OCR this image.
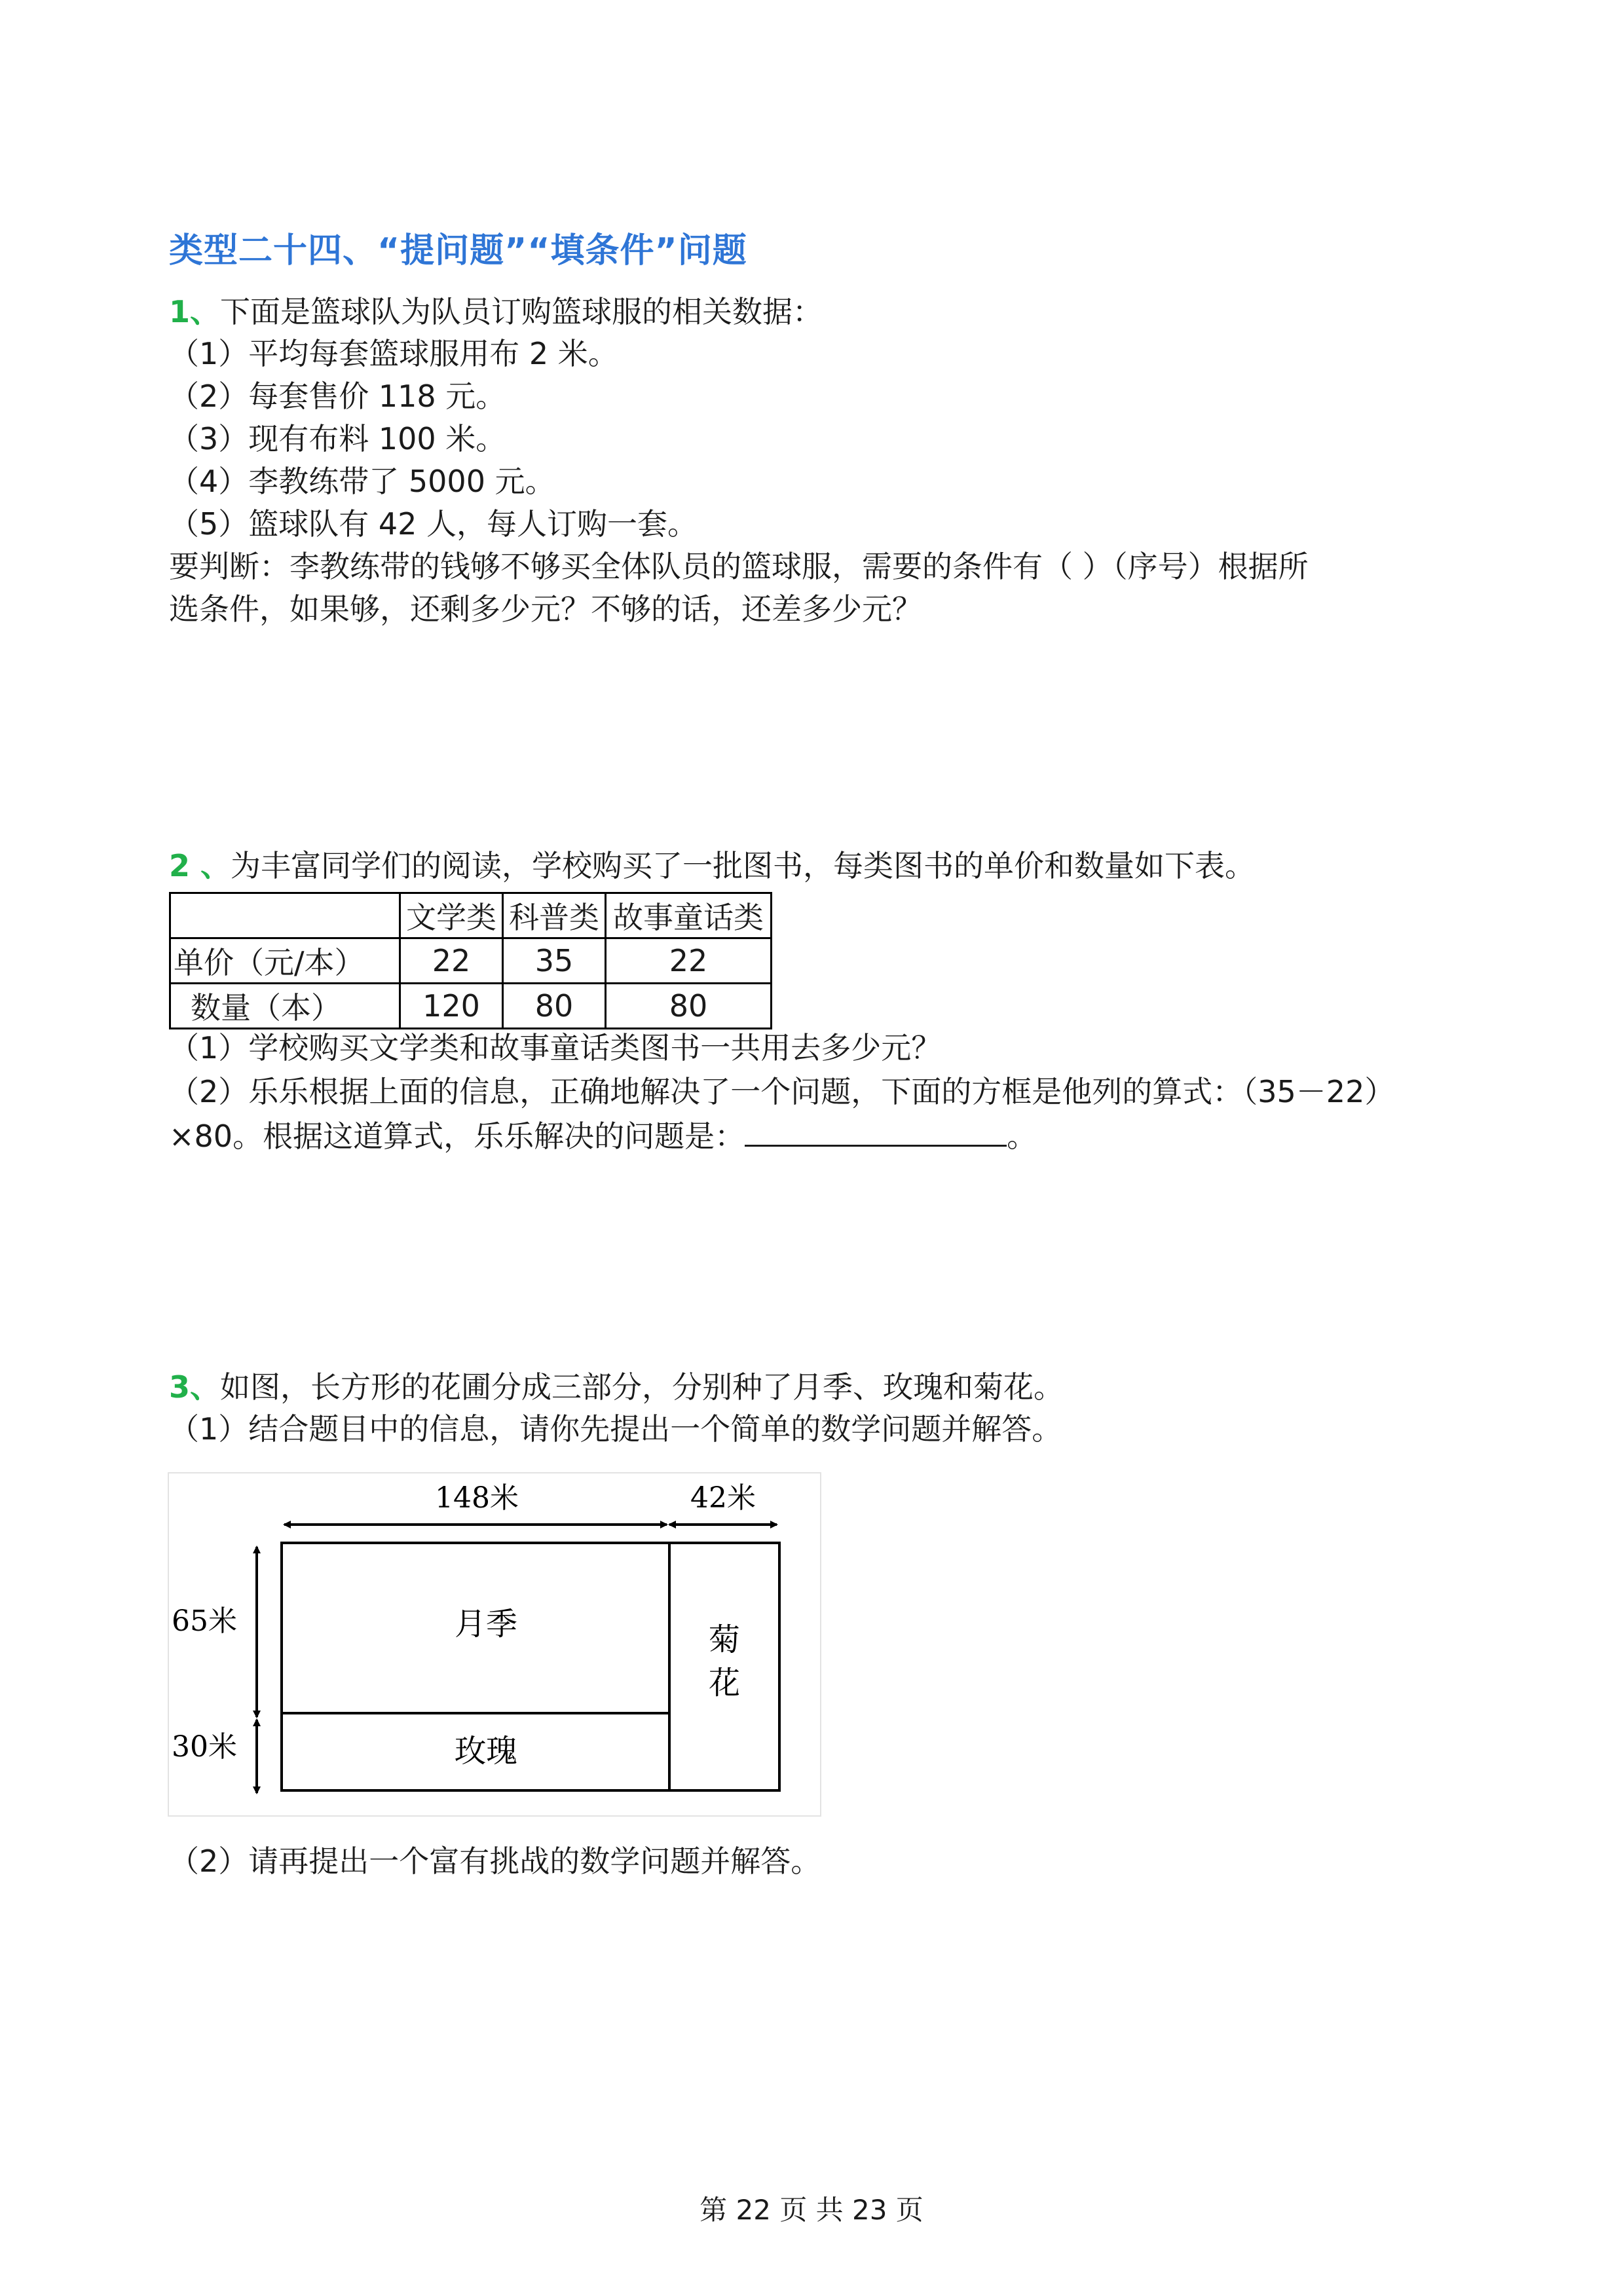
类型二十四、“提问题”“填条件”问题
1、下面是篮球队为队员订购篮球服的相关数据：
（1）平均每套篮球服用布 2 米。
（2）每套售价 118 元。
（3）现有布料 100 米。
（4）李教练带了 5000 元。
（5）篮球队有 42 人，每人订购一套。
要判断：李教练带的钱够不够买全体队员的篮球服，需要的条件有（ ）（序号）根据所
选条件，如果够，还剩多少元？不够的话，还差多少元？
2 、为丰富同学们的阅读，学校购买了一批图书，每类图书的单价和数量如下表。
	文学类	科普类	故事童话类
单价（元/本）	22	35	22
数量（本）	120	80	80
（1）学校购买文学类和故事童话类图书一共用去多少元？
（2）乐乐根据上面的信息，正确地解决了一个问题，下面的方框是他列的算式：（35－22）
×80。根据这道算式，乐乐解决的问题是：	。
3、如图，长方形的花圃分成三部分，分别种了月季、玫瑰和菊花。
（1）结合题目中的信息，请你先提出一个简单的数学问题并解答。
148米	42米
65米
30米
月季
玫瑰
菊
花
（2）请再提出一个富有挑战的数学问题并解答。
第 22 页 共 23 页
